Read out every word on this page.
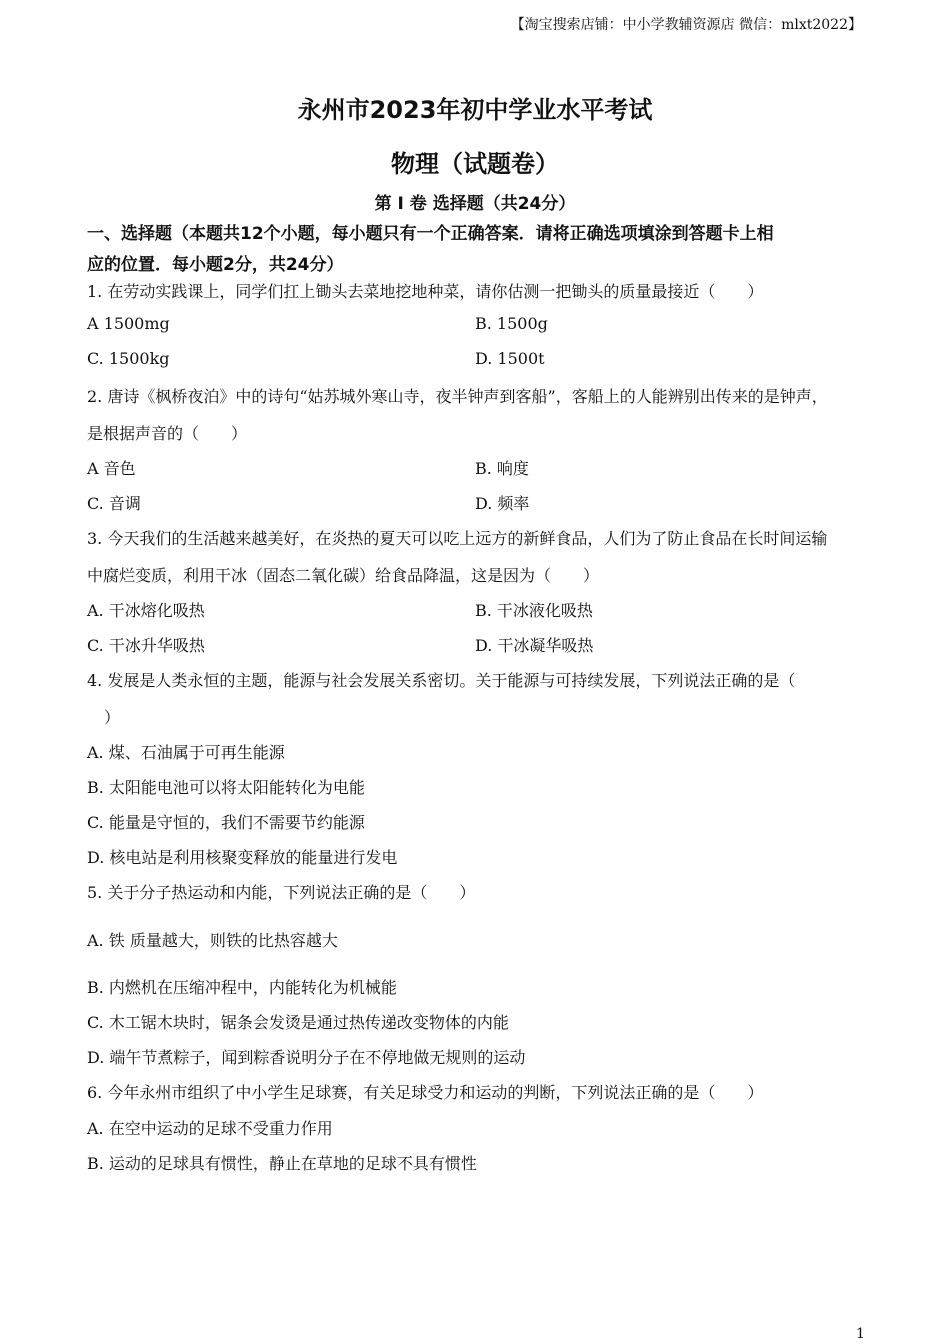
【淘宝搜索店铺：中小学教辅资源店 微信：mlxt2022】
永州市2023年初中学业水平考试
物理（试题卷）
第 Ⅰ 卷 选择题（共24分）
一、选择题（本题共12个小题，每小题只有一个正确答案．请将正确选项填涂到答题卡上相
应的位置．每小题2分，共24分）
1. 在劳动实践课上，同学们扛上锄头去菜地挖地种菜，请你估测一把锄头的质量最接近（　　）
A 1500mg	B. 1500g
C. 1500kg	D. 1500t
2. 唐诗《枫桥夜泊》中的诗句“姑苏城外寒山寺，夜半钟声到客船”，客船上的人能辨别出传来的是钟声，
是根据声音的（　　）
A 音色	B. 响度
C. 音调	D. 频率
3. 今天我们的生活越来越美好，在炎热的夏天可以吃上远方的新鲜食品，人们为了防止食品在长时间运输
中腐烂变质，利用干冰（固态二氧化碳）给食品降温，这是因为（　　）
A. 干冰熔化吸热	B. 干冰液化吸热
C. 干冰升华吸热	D. 干冰凝华吸热
4. 发展是人类永恒的主题，能源与社会发展关系密切。关于能源与可持续发展，下列说法正确的是（
）
A. 煤、石油属于可再生能源
B. 太阳能电池可以将太阳能转化为电能
C. 能量是守恒的，我们不需要节约能源
D. 核电站是利用核聚变释放的能量进行发电
5. 关于分子热运动和内能，下列说法正确的是（　　）
A. 铁 质量越大，则铁的比热容越大
B. 内燃机在压缩冲程中，内能转化为机械能
C. 木工锯木块时，锯条会发烫是通过热传递改变物体的内能
D. 端午节煮粽子，闻到粽香说明分子在不停地做无规则的运动
6. 今年永州市组织了中小学生足球赛，有关足球受力和运动的判断，下列说法正确的是（　　）
A. 在空中运动的足球不受重力作用
B. 运动的足球具有惯性，静止在草地的足球不具有惯性
1
